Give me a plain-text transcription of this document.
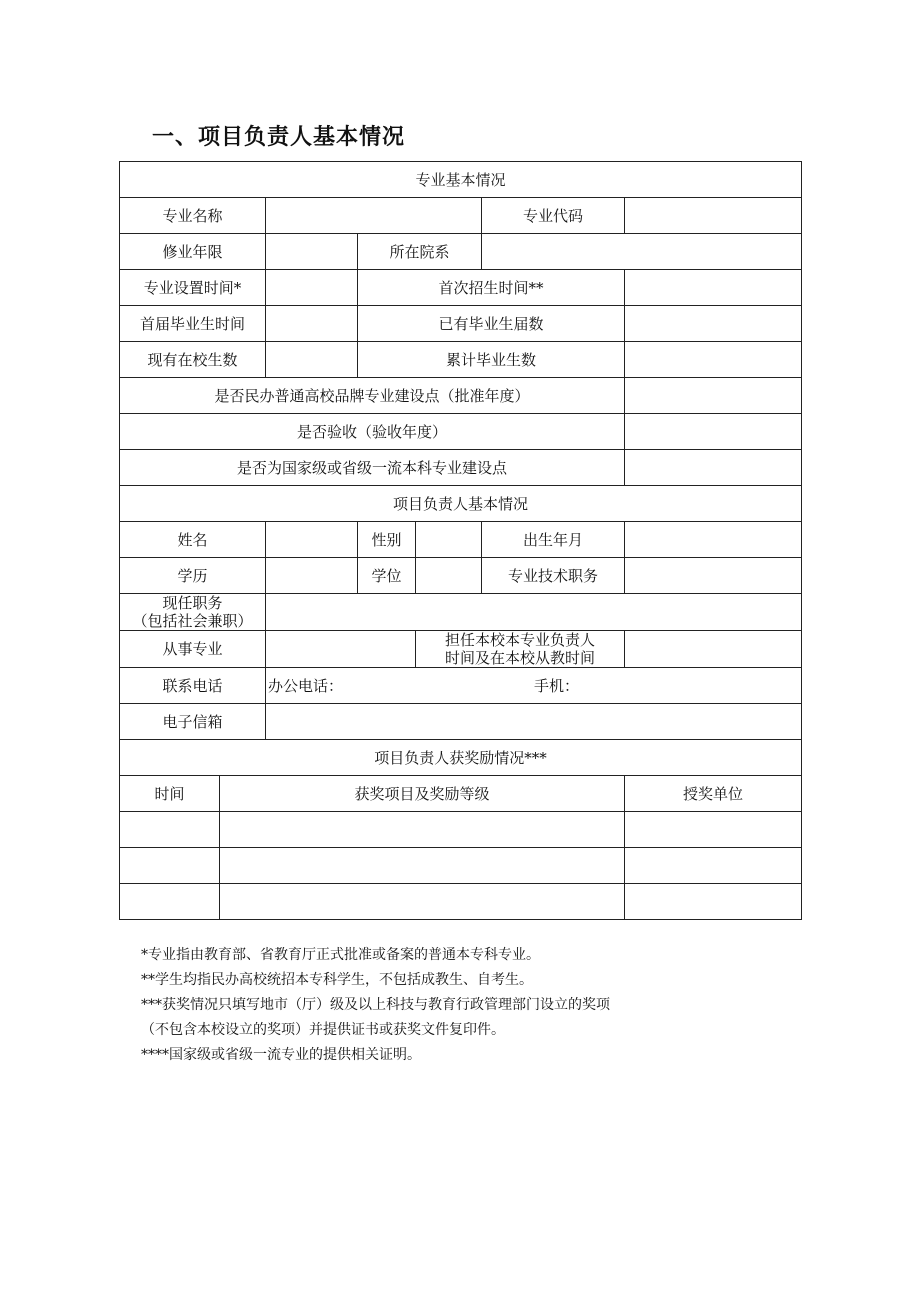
一、项目负责人基本情况
专业基本情况						
专业名称					专业代码	
修业年限			所在院系			
专业设置时间*			首次招生时间**			
首届毕业生时间			已有毕业生届数			
现有在校生数			累计毕业生数			
是否民办普通高校品牌专业建设点（批准年度）						
是否验收（验收年度）						
是否为国家级或省级一流本科专业建设点						
项目负责人基本情况						
姓名			性别		出生年月	
学历			学位		专业技术职务	

现任职务
（包括社会兼职）						

从事专业				担任本校本专业负责人
时间及在本校从教时间		

联系电话		办公电话： 手机：				

电子信箱						
项目负责人获奖励情况***						
时间	获奖项目及奖励等级					授奖单位

*专业指由教育部、省教育厅正式批准或备案的普通本专科专业。
**学生均指民办高校统招本专科学生，不包括成教生、自考生。
***获奖情况只填写地市（厅）级及以上科技与教育行政管理部门设立的奖项
（不包含本校设立的奖项）并提供证书或获奖文件复印件。
****国家级或省级一流专业的提供相关证明。
